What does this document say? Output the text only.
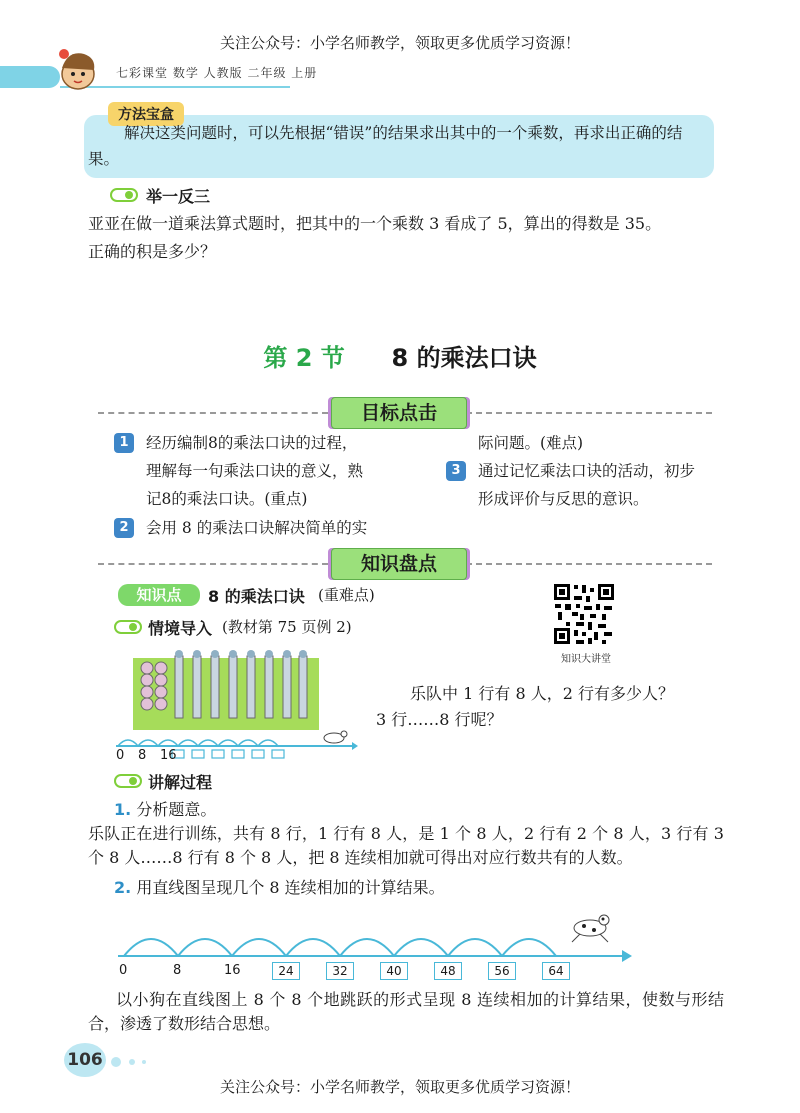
关注公众号：小学名师教学，领取更多优质学习资源！
七彩课堂 数学 人教版 二年级 上册
方法宝盒
解决这类问题时，可以先根据“错误”的结果求出其中的一个乘数，再求出正确的结果。
举一反三
亚亚在做一道乘法算式题时，把其中的一个乘数 3 看成了 5，算出的得数是 35。
正确的积是多少？
第 2 节 8 的乘法口诀
目标点击
1	经历编制8的乘法口诀的过程，
理解每一句乘法口诀的意义，熟
记8的乘法口诀。(重点)
2	会用 8 的乘法口诀解决简单的实
际问题。(难点)
3	通过记忆乘法口诀的活动，初步
形成评价与反思的意识。
知识盘点
知识点	8 的乘法口诀 (重难点)
知识大讲堂
情境导入 (教材第 75 页例 2)
0 8 16
乐队中 1 行有 8 人，2 行有多少人？
3 行……8 行呢？
讲解过程
1. 分析题意。
乐队正在进行训练，共有 8 行，1 行有 8 人，是 1 个 8 人，2 行有 2 个 8 人，3 行有 3 个 8 人……8 行有 8 个 8 人，把 8 连续相加就可得出对应行数共有的人数。
2. 用直线图呈现几个 8 连续相加的计算结果。
0	8	16	24	32	40	48	56	64
以小狗在直线图上 8 个 8 个地跳跃的形式呈现 8 连续相加的计算结果，使数与形结合，渗透了数形结合思想。
106
关注公众号：小学名师教学，领取更多优质学习资源！
